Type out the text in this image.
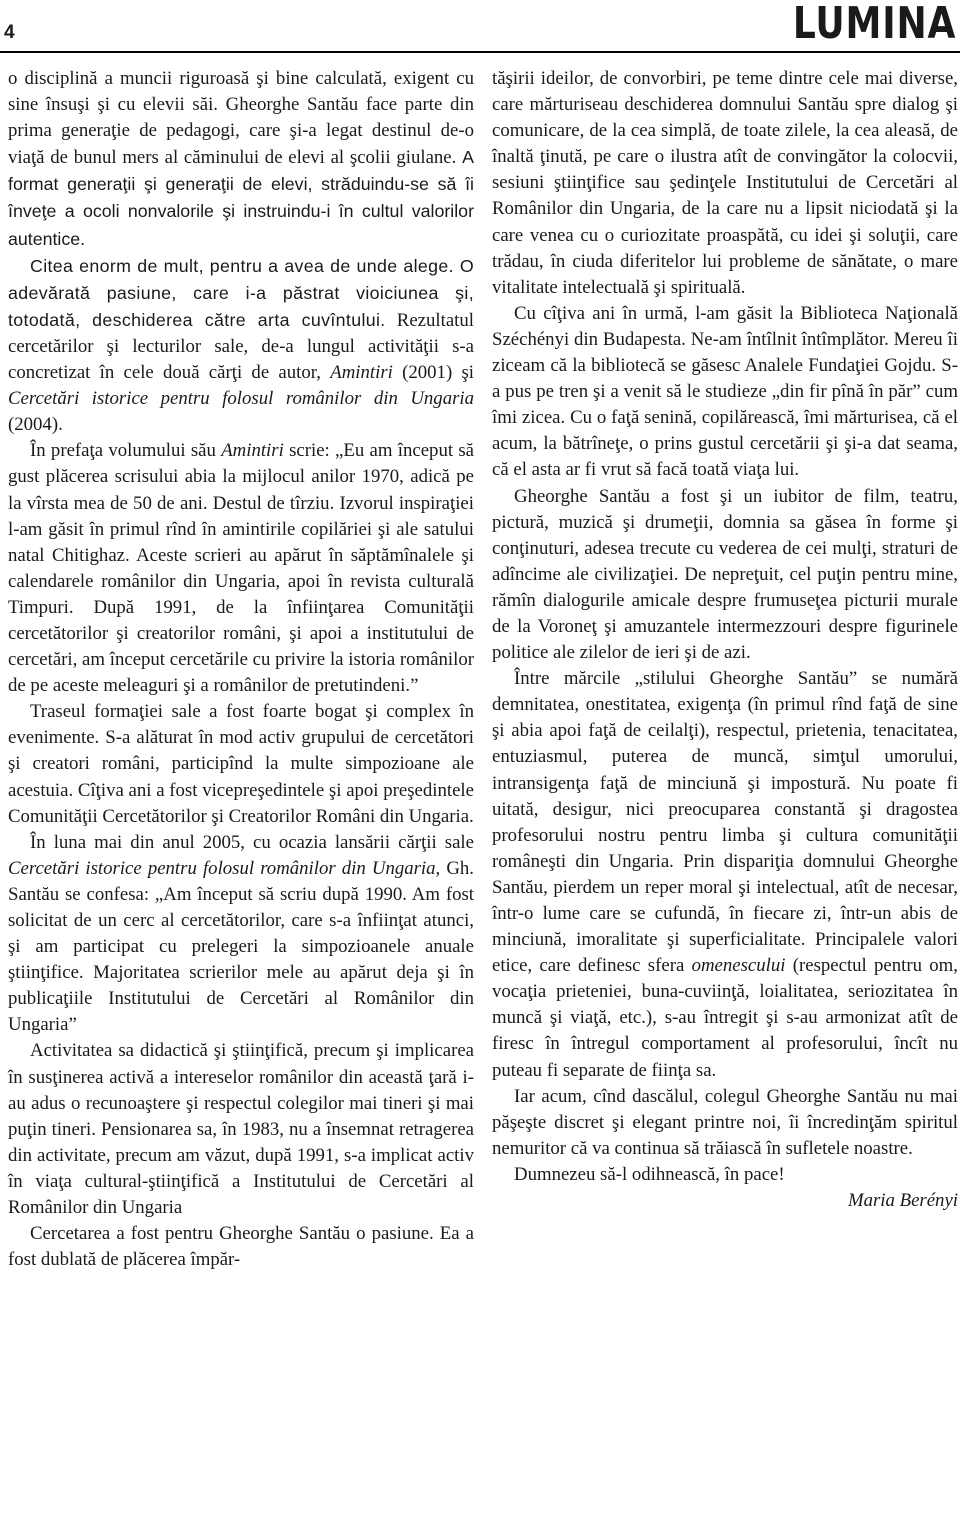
4	LUMINA

o disciplină a muncii riguroasă şi bine calculată, exigent cu sine însuşi şi cu elevii săi. Gheorghe Santău face parte din prima generaţie de pedagogi, care şi-a legat destinul de-o viaţă de bunul mers al căminului de elevi al şcolii giulane. A format generaţii şi generaţii de elevi, străduindu-se să îi înveţe a ocoli nonvalorile şi instruindu-i în cultul valorilor autentice.

Citea enorm de mult, pentru a avea de unde alege. O adevărată pasiune, care i-a păstrat vioiciunea şi, totodată, deschiderea către arta cuvîntului. Rezultatul cercetărilor şi lecturilor sale, de-a lungul activităţii s-a concretizat în cele două cărţi de autor, Amintiri (2001) şi Cercetări istorice pentru folosul românilor din Ungaria (2004).

În prefaţa volumului său Amintiri scrie: „Eu am început să gust plăcerea scrisului abia la mijlocul anilor 1970, adică pe la vîrsta mea de 50 de ani. Destul de tîrziu. Izvorul inspiraţiei l-am găsit în primul rînd în amintirile copilăriei şi ale satului natal Chitighaz. Aceste scrieri au apărut în săptămînalele şi calendarele românilor din Ungaria, apoi în revista culturală Timpuri. După 1991, de la înfiinţarea Comunităţii cercetătorilor şi creatorilor români, şi apoi a institutului de cercetări, am început cercetările cu privire la istoria românilor de pe aceste meleaguri şi a românilor de pretutindeni.”

Traseul formaţiei sale a fost foarte bogat şi complex în evenimente. S-a alăturat în mod activ grupului de cercetători şi creatori români, participînd la multe simpozioane ale acestuia. Cîţiva ani a fost vicepreşedintele şi apoi preşedintele Comunităţii Cercetătorilor şi Creatorilor Români din Ungaria.

În luna mai din anul 2005, cu ocazia lansării cărţii sale Cercetări istorice pentru folosul românilor din Ungaria, Gh. Santău se confesa: „Am început să scriu după 1990. Am fost solicitat de un cerc al cercetătorilor, care s-a înfiinţat atunci, şi am participat cu prelegeri la simpozioanele anuale ştiinţifice. Majoritatea scrierilor mele au apărut deja şi în publicaţiile Institutului de Cercetări al Românilor din Ungaria”

Activitatea sa didactică şi ştiinţifică, precum şi implicarea în susţinerea activă a intereselor românilor din această ţară i-au adus o recunoaştere şi respectul colegilor mai tineri şi mai puţin tineri. Pensionarea sa, în 1983, nu a însemnat retragerea din activitate, precum am văzut, după 1991, s-a implicat activ în viaţa cultural-ştiinţifică a Institutului de Cercetări al Românilor din Ungaria

Cercetarea a fost pentru Gheorghe Santău o pasiune. Ea a fost dublată de plăcerea împăr-

tăşirii ideilor, de convorbiri, pe teme dintre cele mai diverse, care mărturiseau deschiderea domnului Santău spre dialog şi comunicare, de la cea simplă, de toate zilele, la cea aleasă, de înaltă ţinută, pe care o ilustra atît de convingător la colocvii, sesiuni ştiinţifice sau şedinţele Institutului de Cercetări al Românilor din Ungaria, de la care nu a lipsit niciodată şi la care venea cu o curiozitate proaspătă, cu idei şi soluţii, care trădau, în ciuda diferitelor lui probleme de sănătate, o mare vitalitate intelectuală şi spirituală.

Cu cîţiva ani în urmă, l-am găsit la Biblioteca Naţională Széchényi din Budapesta. Ne-am întîlnit întîmplător. Mereu îi ziceam că la bibliotecă se găsesc Analele Fundaţiei Gojdu. S-a pus pe tren şi a venit să le studieze „din fir pînă în păr” cum îmi zicea. Cu o faţă senină, copilărească, îmi mărturisea, că el acum, la bătrîneţe, o prins gustul cercetării şi şi-a dat seama, că el asta ar fi vrut să facă toată viaţa lui.

Gheorghe Santău a fost şi un iubitor de film, teatru, pictură, muzică şi drumeţii, domnia sa găsea în forme şi conţinuturi, adesea trecute cu vederea de cei mulţi, straturi de adîncime ale civilizaţiei. De nepreţuit, cel puţin pentru mine, rămîn dialogurile amicale despre frumuseţea picturii murale de la Voroneţ şi amuzantele intermezzouri despre figurinele politice ale zilelor de ieri şi de azi.

Între mărcile „stilului Gheorghe Santău” se numără demnitatea, onestitatea, exigenţa (în primul rînd faţă de sine şi abia apoi faţă de ceilalţi), respectul, prietenia, tenacitatea, entuziasmul, puterea de muncă, simţul umorului, intransigenţa faţă de minciună şi impostură. Nu poate fi uitată, desigur, nici preocuparea constantă şi dragostea profesorului nostru pentru limba şi cultura comunităţii româneşti din Ungaria. Prin dispariţia domnului Gheorghe Santău, pierdem un reper moral şi intelectual, atît de necesar, într-o lume care se cufundă, în fiecare zi, într-un abis de minciună, imoralitate şi superficialitate. Principalele valori etice, care definesc sfera omenescului (respectul pentru om, vocaţia prieteniei, buna-cuviinţă, loialitatea, seriozitatea în muncă şi viaţă, etc.), s-au întregit şi s-au armonizat atît de firesc în întregul comportament al profesorului, încît nu puteau fi separate de fiinţa sa.

Iar acum, cînd dascălul, colegul Gheorghe Santău nu mai păşeşte discret şi elegant printre noi, îi încredinţăm spiritul nemuritor că va continua să trăiască în sufletele noastre.

Dumnezeu să-l odihnească, în pace!

Maria Berényi
